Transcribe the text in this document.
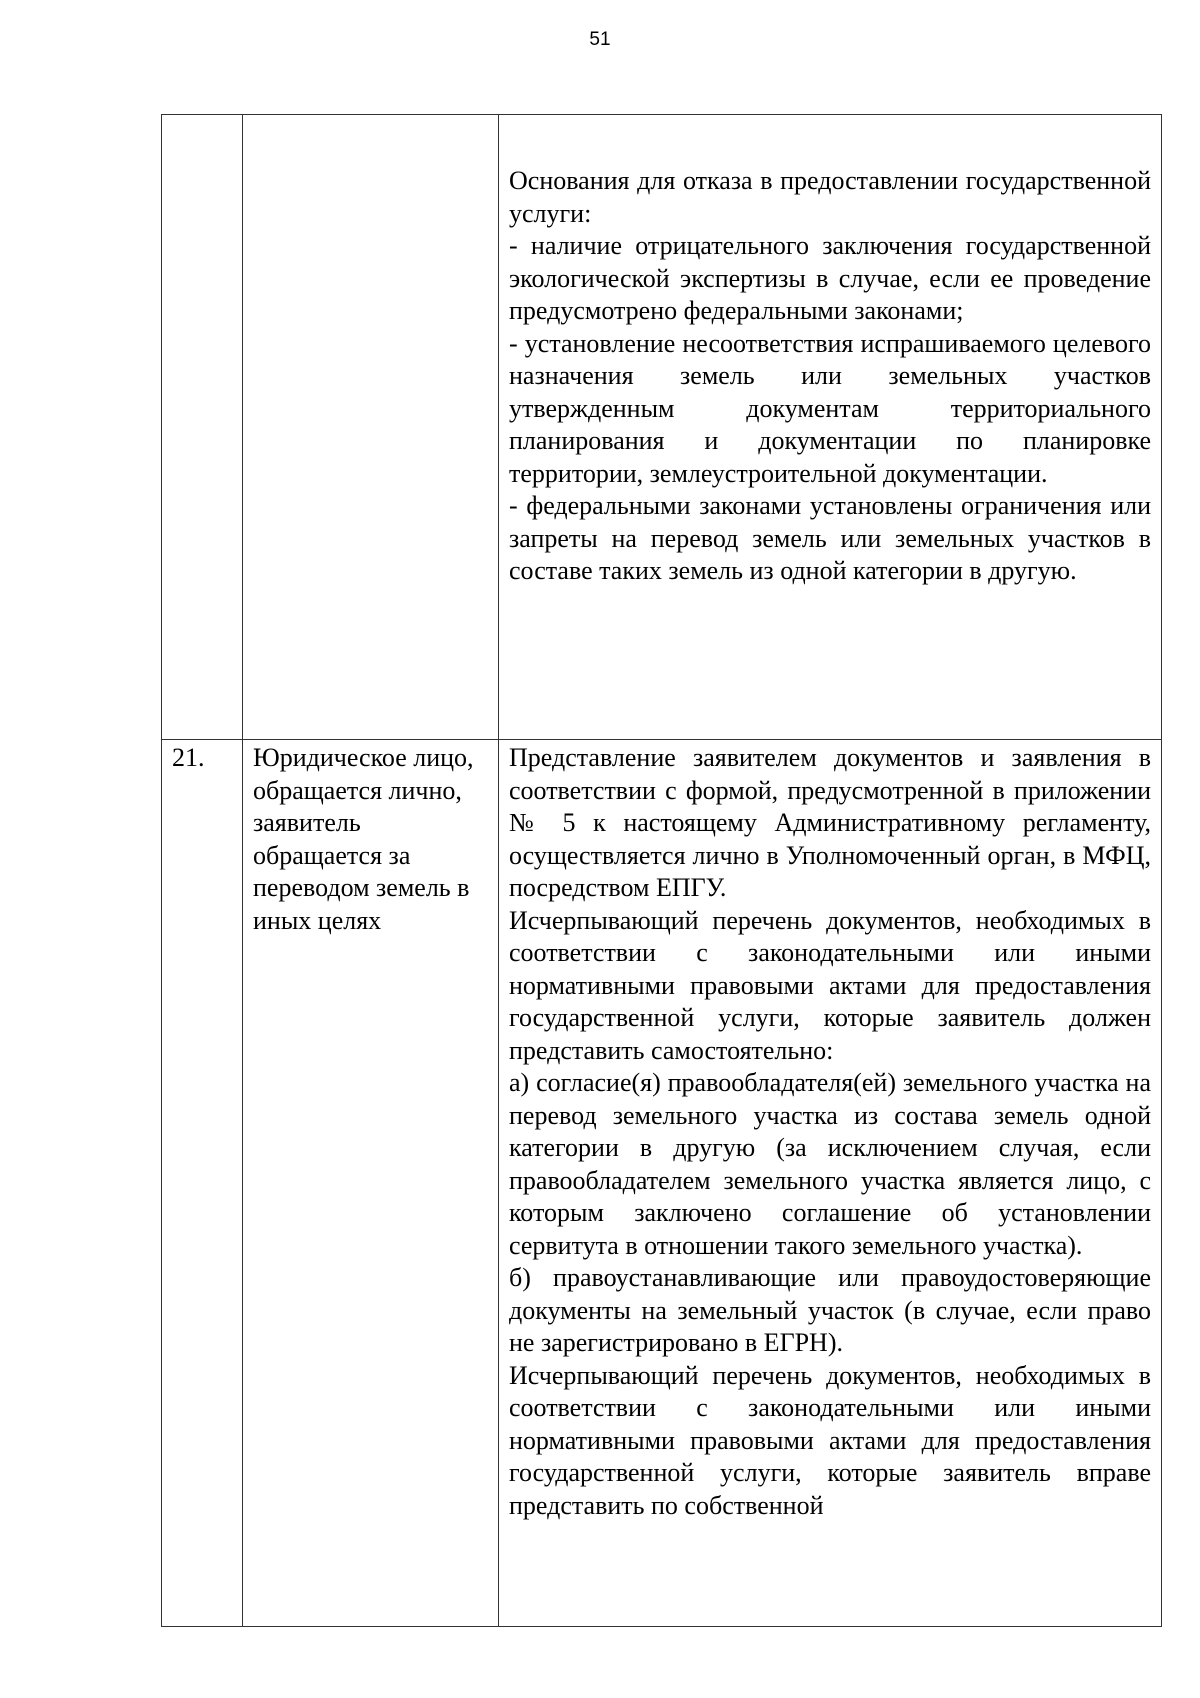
51

		Основания для отказа в предоставлении государственной услуги:

- наличие отрицательного заключения государственной экологической экспертизы в случае, если ее проведение предусмотрено федеральными законами;

- установление несоответствия испрашиваемого целевого назначения земель или земельных участков утвержденным документам территориального планирования и документации по планировке территории, землеустроительной документации.

- федеральными законами установлены ограничения или запреты на перевод земель или земельных участков в составе таких земель из одной категории в другую.

21.	Юридическое лицо, обращается лично, заявитель обращается за переводом земель в иных целях	Представление заявителем документов и заявления в соответствии с формой, предусмотренной в приложении № 5 к настоящему Административному регламенту, осуществляется лично в Уполномоченный орган, в МФЦ, посредством ЕПГУ.

Исчерпывающий перечень документов, необходимых в соответствии с законодательными или иными нормативными правовыми актами для предоставления государственной услуги, которые заявитель должен представить самостоятельно:

а) согласие(я) правообладателя(ей) земельного участка на перевод земельного участка из состава земель одной категории в другую (за исключением случая, если правообладателем земельного участка является лицо, с которым заключено соглашение об установлении сервитута в отношении такого земельного участка).

б) правоустанавливающие или правоудостоверяющие документы на земельный участок (в случае, если право не зарегистрировано в ЕГРН).

Исчерпывающий перечень документов, необходимых в соответствии с законодательными или иными нормативными правовыми актами для предоставления государственной услуги, которые заявитель вправе представить по собственной
